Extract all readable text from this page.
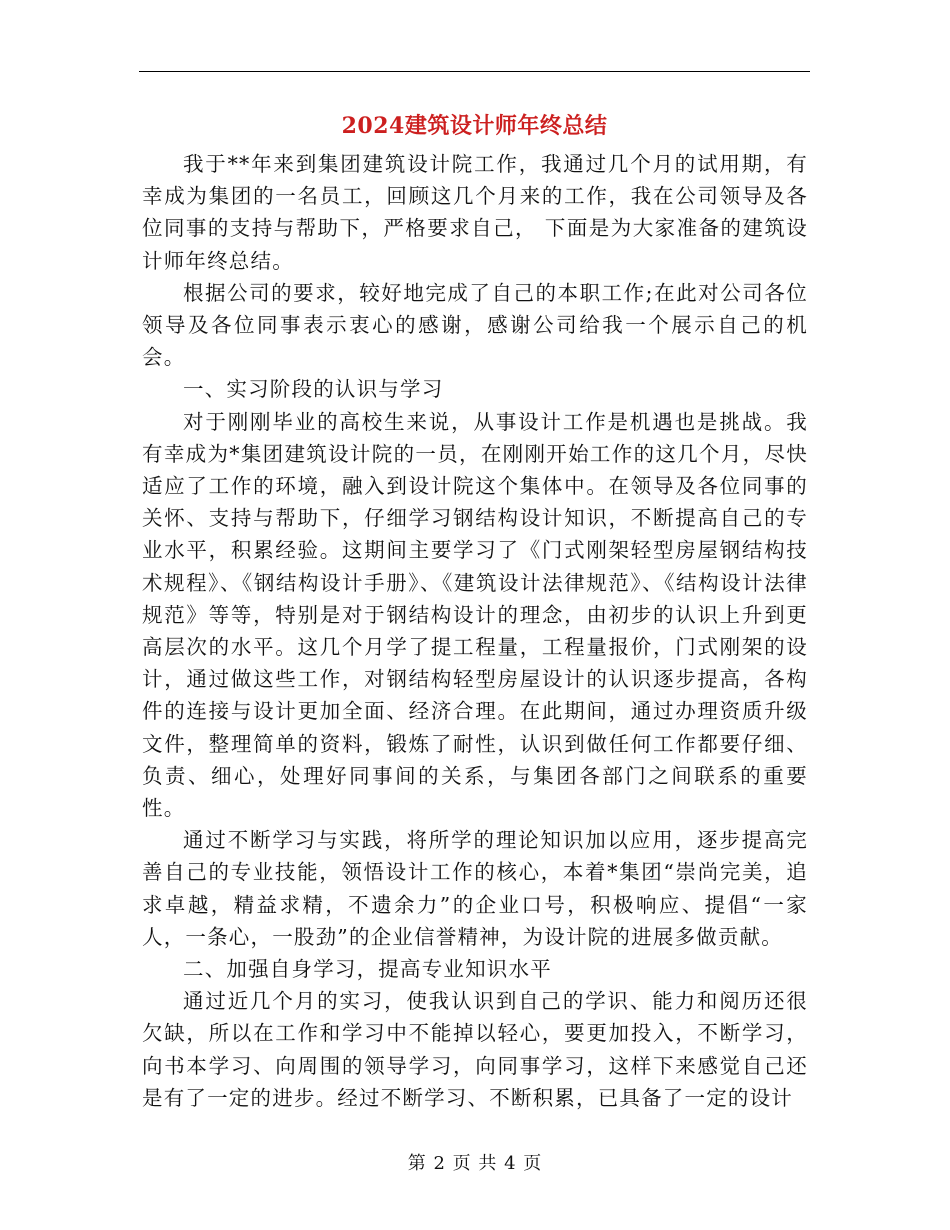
2024建筑设计师年终总结

我于**年来到集团建筑设计院工作，我通过几个月的试用期，有幸成为集团的一名员工，回顾这几个月来的工作，我在公司领导及各位同事的支持与帮助下，严格要求自己， 下面是为大家准备的建筑设计师年终总结。

根据公司的要求，较好地完成了自己的本职工作;在此对公司各位领导及各位同事表示衷心的感谢，感谢公司给我一个展示自己的机会。

一、实习阶段的认识与学习

对于刚刚毕业的高校生来说，从事设计工作是机遇也是挑战。我有幸成为*集团建筑设计院的一员，在刚刚开始工作的这几个月，尽快适应了工作的环境，融入到设计院这个集体中。在领导及各位同事的关怀、支持与帮助下，仔细学习钢结构设计知识，不断提高自己的专业水平，积累经验。这期间主要学习了《门式刚架轻型房屋钢结构技术规程》、《钢结构设计手册》、《建筑设计法律规范》、《结构设计法律规范》等等，特别是对于钢结构设计的理念，由初步的认识上升到更高层次的水平。这几个月学了提工程量，工程量报价，门式刚架的设计，通过做这些工作，对钢结构轻型房屋设计的认识逐步提高，各构件的连接与设计更加全面、经济合理。在此期间，通过办理资质升级文件，整理简单的资料，锻炼了耐性，认识到做任何工作都要仔细、负责、细心，处理好同事间的关系，与集团各部门之间联系的重要性。

通过不断学习与实践，将所学的理论知识加以应用，逐步提高完善自己的专业技能，领悟设计工作的核心，本着*集团“崇尚完美，追求卓越，精益求精，不遗余力”的企业口号，积极响应、提倡“一家人，一条心，一股劲”的企业信誉精神，为设计院的进展多做贡献。

二、加强自身学习，提高专业知识水平

通过近几个月的实习，使我认识到自己的学识、能力和阅历还很欠缺，所以在工作和学习中不能掉以轻心，要更加投入，不断学习，向书本学习、向周围的领导学习，向同事学习，这样下来感觉自己还是有了一定的进步。经过不断学习、不断积累，已具备了一定的设计

第 2 页 共 4 页
